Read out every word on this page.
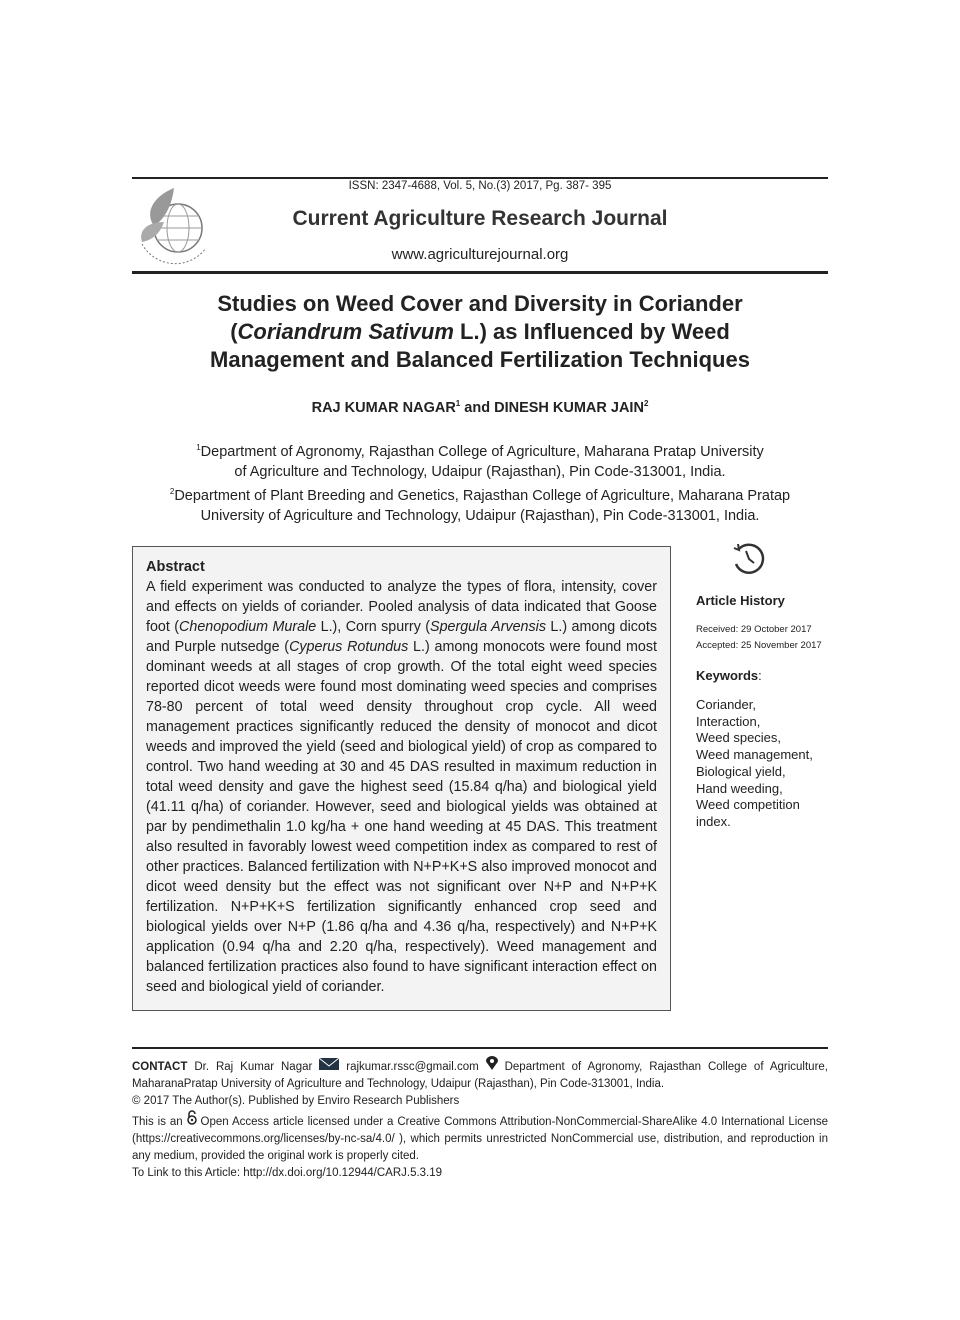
ISSN: 2347-4688, Vol. 5, No.(3) 2017, Pg. 387- 395
Current Agriculture Research Journal
www.agriculturejournal.org
Studies on Weed Cover and Diversity in Coriander
(Coriandrum Sativum L.) as Influenced by Weed
Management and Balanced Fertilization Techniques
RAJ KUMAR NAGAR$^1$ and DINESH KUMAR JAIN$^2$
$^1$Department of Agronomy, Rajasthan College of Agriculture, Maharana Pratap University
of Agriculture and Technology, Udaipur (Rajasthan), Pin Code-313001, India.
$^2$Department of Plant Breeding and Genetics, Rajasthan College of Agriculture, Maharana Pratap
University of Agriculture and Technology, Udaipur (Rajasthan), Pin Code-313001, India.
Abstract
A field experiment was conducted to analyze the types of flora, intensity, cover and effects on yields of coriander. Pooled analysis of data indicated that Goose foot (Chenopodium Murale L.), Corn spurry (Spergula Arvensis L.) among dicots and Purple nutsedge (Cyperus Rotundus L.) among monocots were found most dominant weeds at all stages of crop growth. Of the total eight weed species reported dicot weeds were found most dominating weed species and comprises 78-80 percent of total weed density throughout crop cycle. All weed management practices significantly reduced the density of monocot and dicot weeds and improved the yield (seed and biological yield) of crop as compared to control. Two hand weeding at 30 and 45 DAS resulted in maximum reduction in total weed density and gave the highest seed (15.84 q/ha) and biological yield (41.11 q/ha) of coriander. However, seed and biological yields was obtained at par by pendimethalin 1.0 kg/ha + one hand weeding at 45 DAS. This treatment also resulted in favorably lowest weed competition index as compared to rest of other practices. Balanced fertilization with N+P+K+S also improved monocot and dicot weed density but the effect was not significant over N+P and N+P+K fertilization. N+P+K+S fertilization significantly enhanced crop seed and biological yields over N+P (1.86 q/ha and 4.36 q/ha, respectively) and N+P+K application (0.94 q/ha and 2.20 q/ha, respectively). Weed management and balanced fertilization practices also found to have significant interaction effect on seed and biological yield of coriander.
Article History
Received: 29 October 2017
Accepted: 25 November 2017
Keywords:
Coriander,
Interaction,
Weed species,
Weed management,
Biological yield,
Hand weeding,
Weed competition
index.
CONTACT Dr. Raj Kumar Nagar  rajkumar.rssc@gmail.com  Department of Agronomy, Rajasthan College of Agriculture, MaharanaPratap University of Agriculture and Technology, Udaipur (Rajasthan), Pin Code-313001, India.
© 2017 The Author(s). Published by Enviro Research Publishers
This is an  Open Access article licensed under a Creative Commons Attribution-NonCommercial-ShareAlike 4.0 International License (https://creativecommons.org/licenses/by-nc-sa/4.0/ ), which permits unrestricted NonCommercial use, distribution, and reproduction in any medium, provided the original work is properly cited.
To Link to this Article: http://dx.doi.org/10.12944/CARJ.5.3.19
